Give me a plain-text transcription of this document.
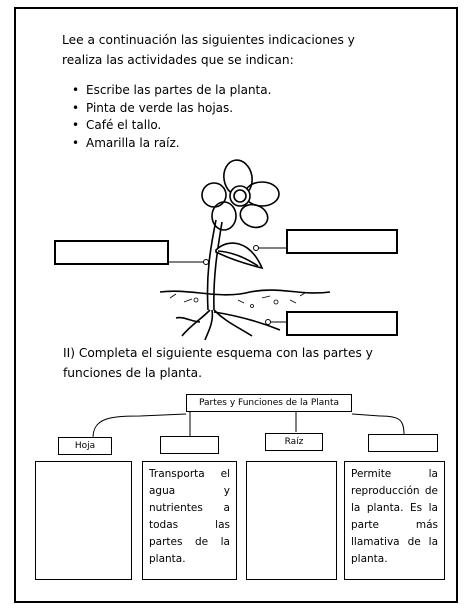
Lee a continuación las siguientes indicaciones y realiza las actividades que se indican:

• Escribe las partes de la planta.
• Pinta de verde las hojas.
• Café el tallo.
• Amarilla la raíz.

II) Completa el siguiente esquema con las partes y funciones de la planta.

Partes y Funciones de la Planta
Hoja	Raíz
Transporta el agua y nutrientes a todas las partes de la planta.
Permite la reproducción de la planta. Es la parte más llamativa de la planta.
